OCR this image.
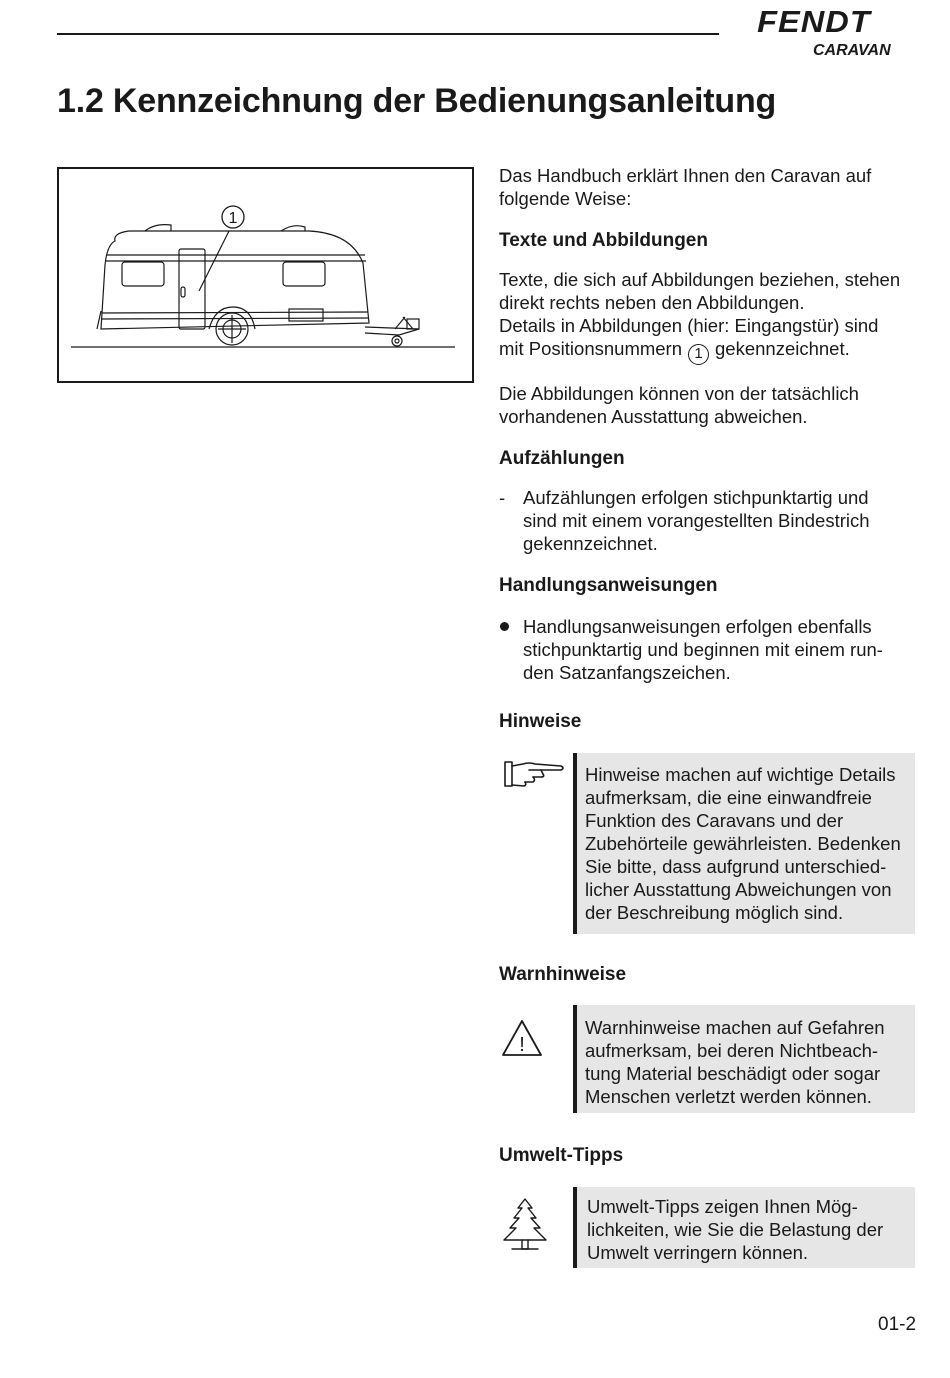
FENDT
CARAVAN
1.2 Kennzeichnung der Bedienungsanleitung
1

Das Handbuch erklärt Ihnen den Caravan auf

folgende Weise:

Texte und Abbildungen

Texte, die sich auf Abbildungen beziehen, stehen

direkt rechts neben den Abbildungen.

Details in Abbildungen (hier: Eingangstür) sind

mit Positionsnummern 1 gekennzeichnet.

Die Abbildungen können von der tatsächlich

vorhandenen Ausstattung abweichen.

Aufzählungen
- Aufzählungen erfolgen stichpunktartig und

sind mit einem vorangestellten Bindestrich

gekennzeichnet.

Handlungsanweisungen

Handlungsanweisungen erfolgen ebenfalls

stichpunktartig und beginnen mit einem run-

den Satzanfangszeichen.

Hinweise

Hinweise machen auf wichtige Details

aufmerksam, die eine einwandfreie

Funktion des Caravans und der

Zubehörteile gewährleisten. Bedenken

Sie bitte, dass aufgrund unterschied-

licher Ausstattung Abweichungen von

der Beschreibung möglich sind.

Warnhinweise
!

Warnhinweise machen auf Gefahren

aufmerksam, bei deren Nichtbeach-

tung Material beschädigt oder sogar

Menschen verletzt werden können.

Umwelt-Tipps

Umwelt-Tipps zeigen Ihnen Mög-

lichkeiten, wie Sie die Belastung der

Umwelt verringern können.

01-2
